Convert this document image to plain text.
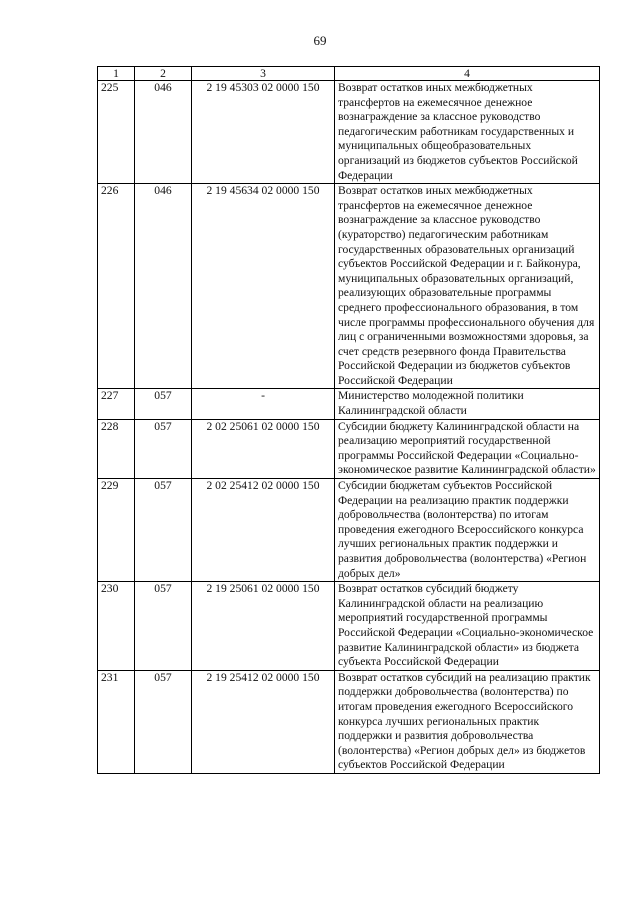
69
1	2	3	4
225	046	2 19 45303 02 0000 150	Возврат остатков иных межбюджетных трансфертов на ежемесячное денежное вознаграждение за классное руководство педагогическим работникам государственных и муниципальных общеобразовательных организаций из бюджетов субъектов Российской Федерации
226	046	2 19 45634 02 0000 150	Возврат остатков иных межбюджетных трансфертов на ежемесячное денежное вознаграждение за классное руководство (кураторство) педагогическим работникам государственных образовательных организаций субъектов Российской Федерации и г. Байконура, муниципальных образовательных организаций, реализующих образовательные программы среднего профессионального образования, в том числе программы профессионального обучения для лиц с ограниченными возможностями здоровья, за счет средств резервного фонда Правительства Российской Федерации из бюджетов субъектов Российской Федерации
227	057	-	Министерство молодежной политики Калининградской области
228	057	2 02 25061 02 0000 150	Субсидии бюджету Калининградской области на реализацию мероприятий государственной программы Российской Федерации «Социально-экономическое развитие Калининградской области»
229	057	2 02 25412 02 0000 150	Субсидии бюджетам субъектов Российской Федерации на реализацию практик поддержки добровольчества (волонтерства) по итогам проведения ежегодного Всероссийского конкурса лучших региональных практик поддержки и развития добровольчества (волонтерства) «Регион добрых дел»
230	057	2 19 25061 02 0000 150	Возврат остатков субсидий бюджету Калининградской области на реализацию мероприятий государственной программы Российской Федерации «Социально-экономическое развитие Калининградской области» из бюджета субъекта Российской Федерации
231	057	2 19 25412 02 0000 150	Возврат остатков субсидий на реализацию практик поддержки добровольчества (волонтерства) по итогам проведения ежегодного Всероссийского конкурса лучших региональных практик поддержки и развития добровольчества (волонтерства) «Регион добрых дел» из бюджетов субъектов Российской Федерации
